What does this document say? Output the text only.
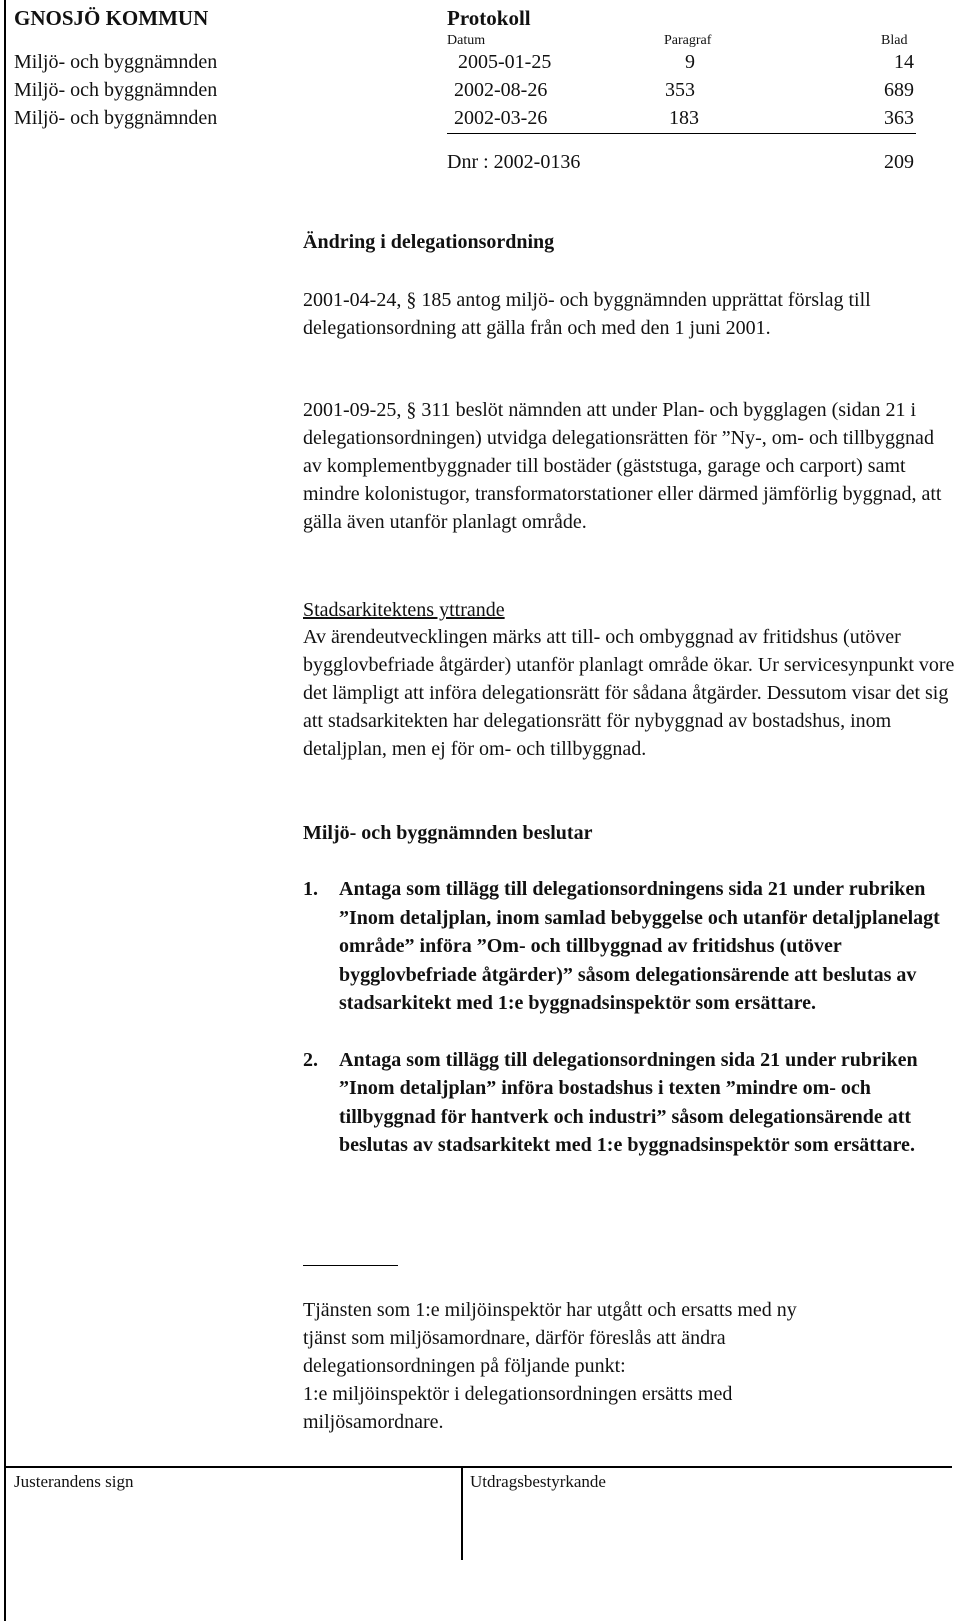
GNOSJÖ KOMMUN	Protokoll
Datum	Paragraf	Blad
Miljö- och byggnämnden	2005-01-25	9	14
Miljö- och byggnämnden	2002-08-26	353	689
Miljö- och byggnämnden	2002-03-26	183	363
Dnr : 2002-0136	209
Ändring i delegationsordning

2001-04-24, § 185 antog miljö- och byggnämnden upprättat förslag till delegationsordning att gälla från och med den 1 juni 2001.

2001-09-25, § 311 beslöt nämnden att under Plan- och bygglagen (sidan 21 i delegationsordningen) utvidga delegationsrätten för ”Ny-, om- och tillbyggnad av komplementbyggnader till bostäder (gäststuga, garage och carport) samt mindre kolonistugor, transformatorstationer eller därmed jämförlig byggnad, att gälla även utanför planlagt område.

Stadsarkitektens yttrande

Av ärendeutvecklingen märks att till- och ombyggnad av fritidshus (utöver bygglovbefriade åtgärder) utanför planlagt område ökar. Ur servicesynpunkt vore det lämpligt att införa delegationsrätt för sådana åtgärder. Dessutom visar det sig att stadsarkitekten har delegationsrätt för nybyggnad av bostadshus, inom detaljplan, men ej för om- och tillbyggnad.

Miljö- och byggnämnden beslutar
1. Antaga som tillägg till delegationsordningens sida 21 under rubriken ”Inom detaljplan, inom samlad bebyggelse och utanför detaljplanelagt område” införa ”Om- och tillbyggnad av fritidshus (utöver bygglovbefriade åtgärder)” såsom delegationsärende att beslutas av stadsarkitekt med 1:e byggnadsinspektör som ersättare.
2. Antaga som tillägg till delegationsordningen sida 21 under rubriken ”Inom detaljplan” införa bostadshus i texten ”mindre om- och tillbyggnad för hantverk och industri” såsom delegationsärende att beslutas av stadsarkitekt med 1:e byggnadsinspektör som ersättare.
Tjänsten som 1:e miljöinspektör har utgått och ersatts med ny
tjänst som miljösamordnare, därför föreslås att ändra
delegationsordningen på följande punkt:
1:e miljöinspektör i delegationsordningen ersätts med
miljösamordnare.
Justerandens sign	Utdragsbestyrkande
